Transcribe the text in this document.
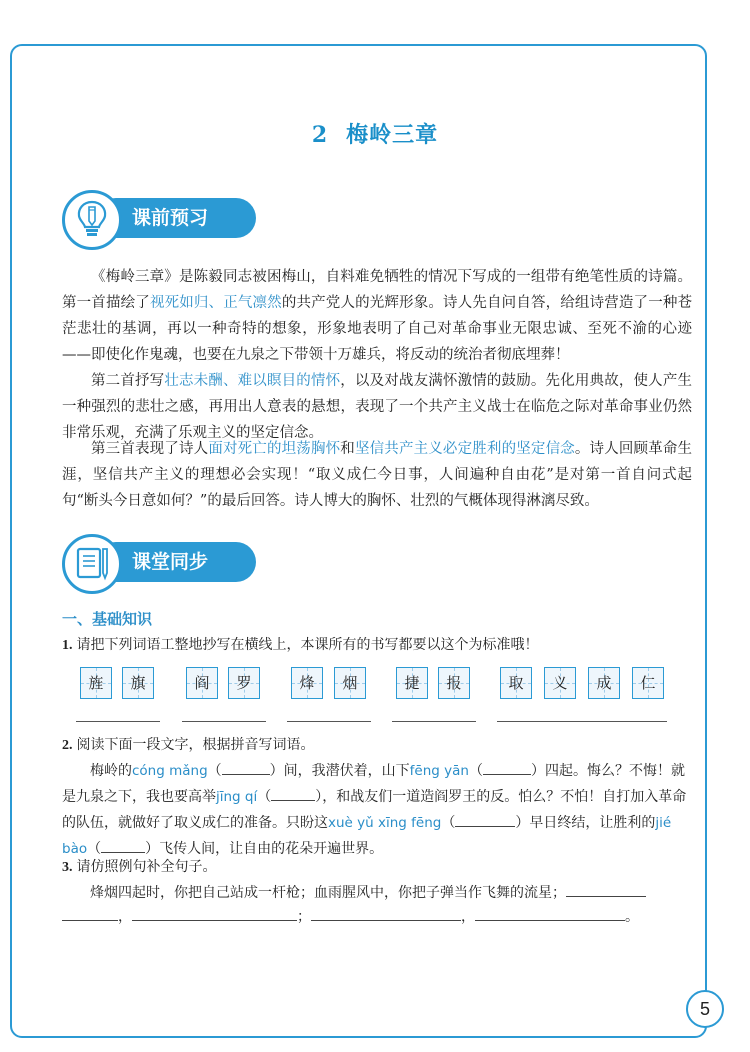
2 梅岭三章
课前预习
《梅岭三章》是陈毅同志被困梅山，自料难免牺牲的情况下写成的一组带有绝笔性质的诗篇。第一首描绘了视死如归、正气凛然的共产党人的光辉形象。诗人先自问自答，给组诗营造了一种苍茫悲壮的基调，再以一种奇特的想象，形象地表明了自己对革命事业无限忠诚、至死不渝的心迹——即使化作鬼魂，也要在九泉之下带领十万雄兵，将反动的统治者彻底埋葬！
第二首抒写壮志未酬、难以瞑目的情怀，以及对战友满怀激情的鼓励。先化用典故，使人产生一种强烈的悲壮之感，再用出人意表的悬想，表现了一个共产主义战士在临危之际对革命事业仍然非常乐观，充满了乐观主义的坚定信念。
第三首表现了诗人面对死亡的坦荡胸怀和坚信共产主义必定胜利的坚定信念。诗人回顾革命生涯，坚信共产主义的理想必会实现！“取义成仁今日事，人间遍种自由花”是对第一首自问式起句“断头今日意如何？”的最后回答。诗人博大的胸怀、壮烈的气概体现得淋漓尽致。
课堂同步
一、基础知识
1. 请把下列词语工整地抄写在横线上，本课所有的书写都要以这个为标准哦！
旌	旗	阎	罗	烽	烟	捷	报	取	义	成	仁
2. 阅读下面一段文字，根据拼音写词语。

梅岭的cóng mǎng（	）间，我潜伏着，山下fēng yān（	）四起。悔么？不悔！就是九泉之下，我也要高举jīng qí（	），和战友们一道造阎罗王的反。怕么？不怕！自打加入革命的队伍，就做好了取义成仁的准备。只盼这xuè yǔ xīng fēng（	）早日终结，让胜利的jié bào（	）飞传人间，让自由的花朵开遍世界。

3. 请仿照例句补全句子。
烽烟四起时，你把自己站成一杆枪；血雨腥风中，你把子弹当作飞舞的流星；
，	；	，	。
5
